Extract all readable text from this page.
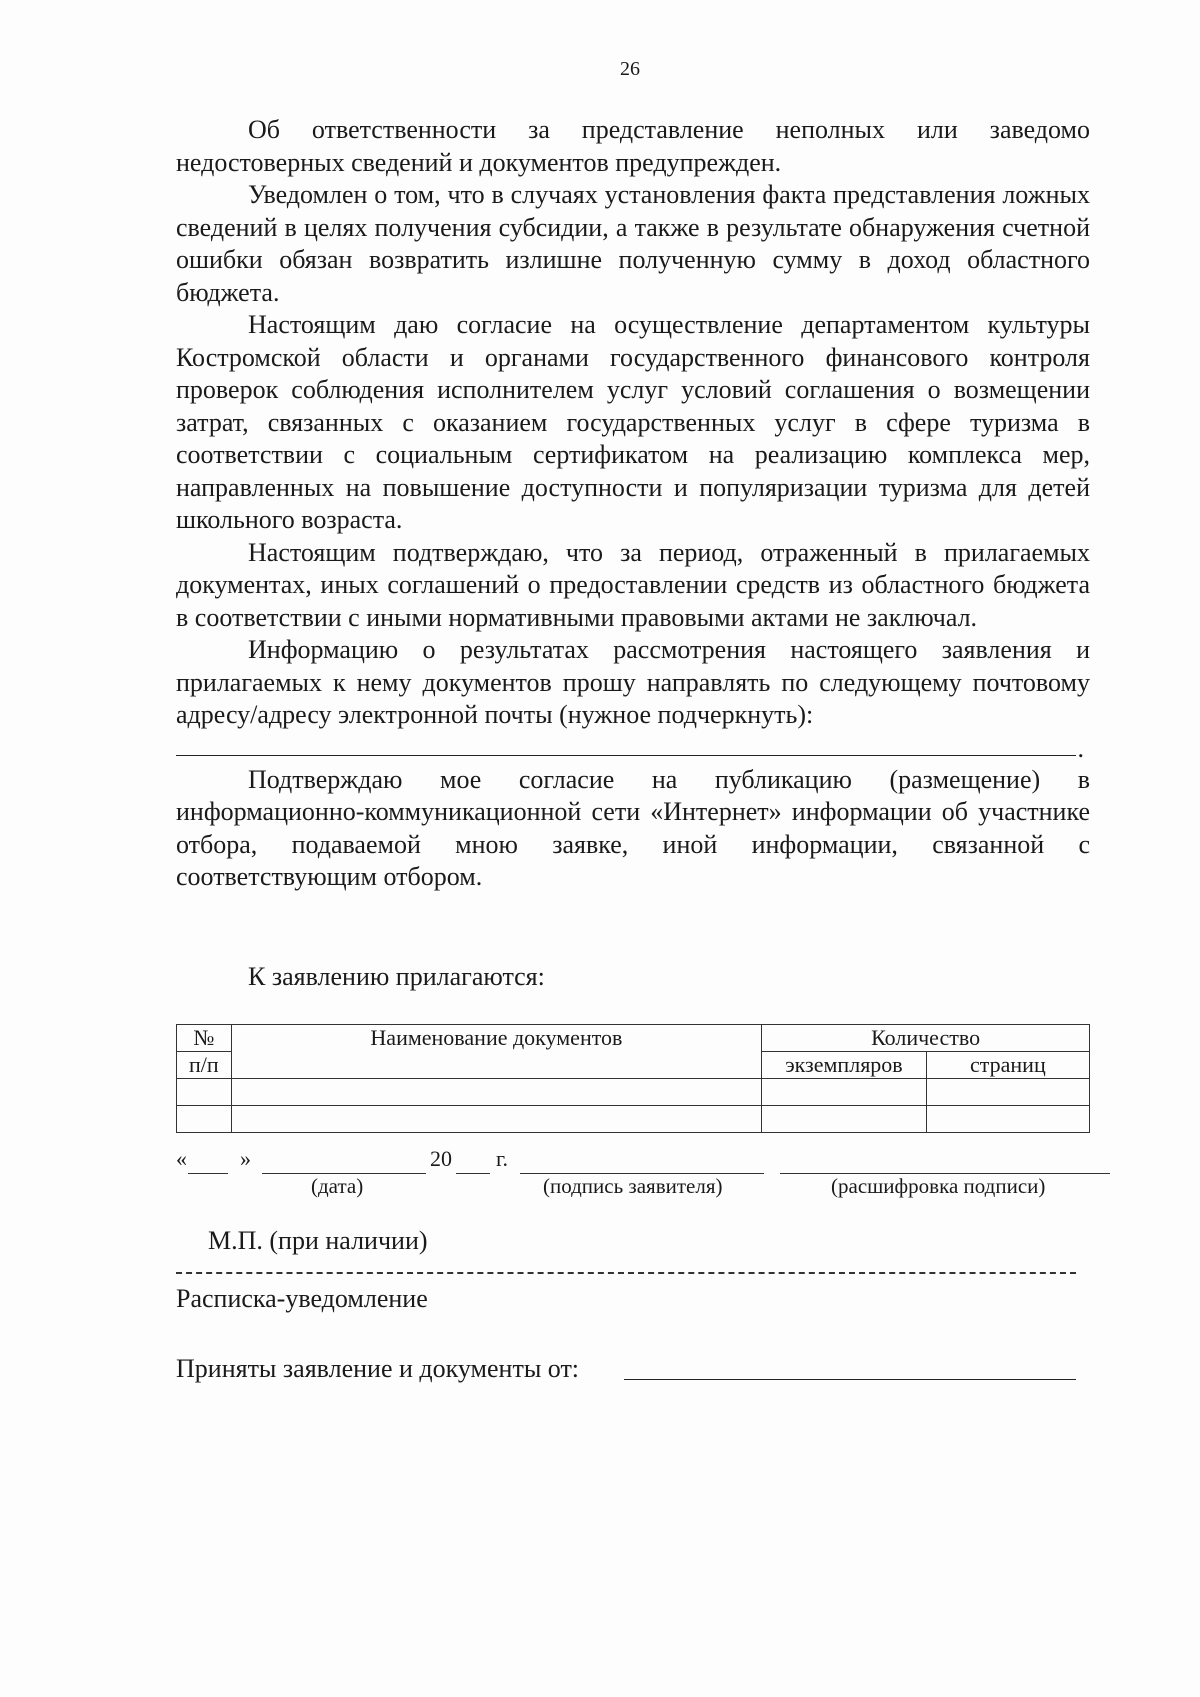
26

Об ответственности за представление неполных или заведомо недостоверных сведений и документов предупрежден.

Уведомлен о том, что в случаях установления факта представления ложных сведений в целях получения субсидии, а также в результате обнаружения счетной ошибки обязан возвратить излишне полученную сумму в доход областного бюджета.

Настоящим даю согласие на осуществление департаментом культуры Костромской области и органами государственного финансового контроля проверок соблюдения исполнителем услуг условий соглашения о возмещении затрат, связанных с оказанием государственных услуг в сфере туризма в соответствии с социальным сертификатом на реализацию комплекса мер, направленных на повышение доступности и популяризации туризма для детей школьного возраста.

Настоящим подтверждаю, что за период, отраженный в прилагаемых документах, иных соглашений о предоставлении средств из областного бюджета в соответствии с иными нормативными правовыми актами не заключал.

Информацию о результатах рассмотрения настоящего заявления и прилагаемых к нему документов прошу направлять по следующему почтовому адресу/адресу электронной почты (нужное подчеркнуть):

.

Подтверждаю мое согласие на публикацию (размещение) в информационно-коммуникационной сети «Интернет» информации об участнике отбора, подаваемой мною заявке, иной информации, связанной с соответствующим отбором.

К заявлению прилагаются:
№	Наименование документов	Количество	
п/п		экземпляров	страниц

« »	20 г.
(дата)	(подпись заявителя)	(расшифровка подписи)
М.П. (при наличии)
Расписка-уведомление
Приняты заявление и документы от:
